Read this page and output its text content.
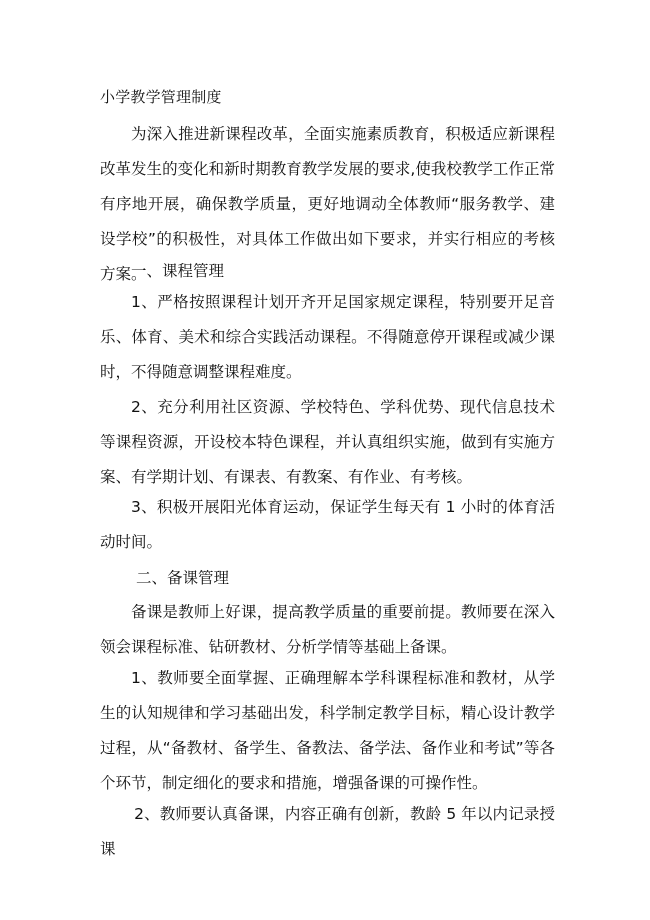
小学教学管理制度

为深入推进新课程改革，全面实施素质教育，积极适应新课程改革发生的变化和新时期教育教学发展的要求,使我校教学工作正常有序地开展，确保教学质量，更好地调动全体教师“服务教学、建设学校”的积极性，对具体工作做出如下要求，并实行相应的考核方案。

一、课程管理

1、严格按照课程计划开齐开足国家规定课程，特别要开足音乐、体育、美术和综合实践活动课程。不得随意停开课程或减少课时，不得随意调整课程难度。

2、充分利用社区资源、学校特色、学科优势、现代信息技术等课程资源，开设校本特色课程，并认真组织实施，做到有实施方案、有学期计划、有课表、有教案、有作业、有考核。

3、积极开展阳光体育运动，保证学生每天有 1 小时的体育活动时间。

二、备课管理

备课是教师上好课，提高教学质量的重要前提。教师要在深入领会课程标准、钻研教材、分析学情等基础上备课。

1、教师要全面掌握、正确理解本学科课程标准和教材，从学生的认知规律和学习基础出发，科学制定教学目标，精心设计教学过程，从“备教材、备学生、备教法、备学法、备作业和考试”等各个环节，制定细化的要求和措施，增强备课的可操作性。

2、教师要认真备课，内容正确有创新，教龄 5 年以内记录授课
